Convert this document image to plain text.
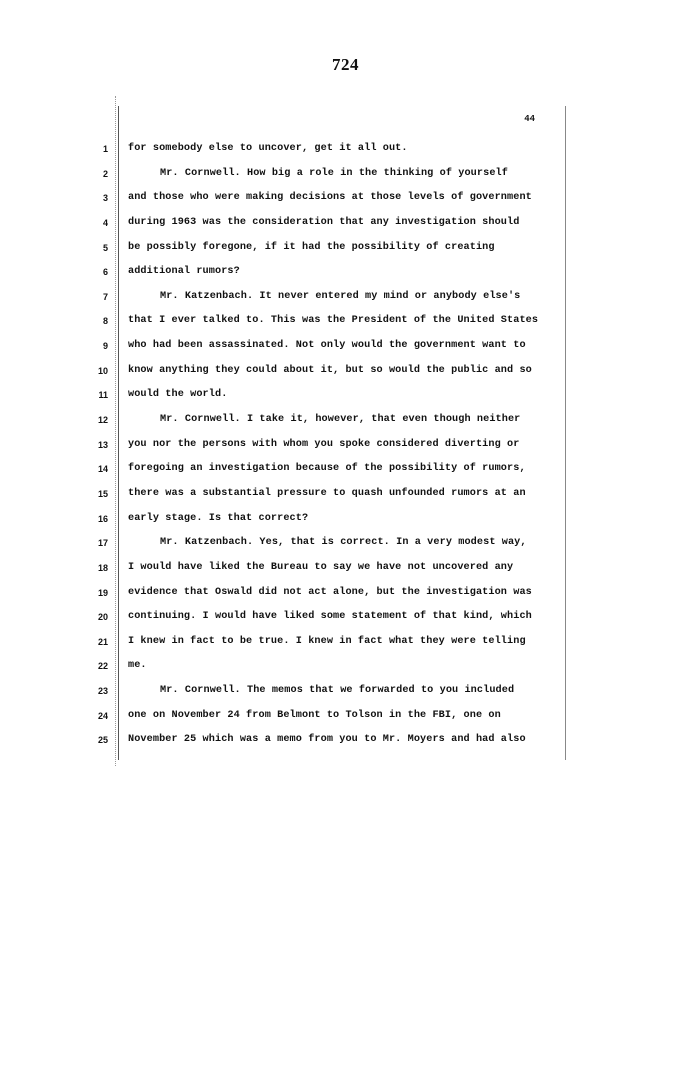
724
44
1
2
3
4
5
6
7
8
9
10
11
12
13
14
15
16
17
18
19
20
21
22
23
24
25
for somebody else to uncover, get it all out.
Mr. Cornwell. How big a role in the thinking of yourself
and those who were making decisions at those levels of government
during 1963 was the consideration that any investigation should
be possibly foregone, if it had the possibility of creating
additional rumors?
Mr. Katzenbach. It never entered my mind or anybody else's
that I ever talked to. This was the President of the United States
who had been assassinated. Not only would the government want to
know anything they could about it, but so would the public and so
would the world.
Mr. Cornwell. I take it, however, that even though neither
you nor the persons with whom you spoke considered diverting or
foregoing an investigation because of the possibility of rumors,
there was a substantial pressure to quash unfounded rumors at an
early stage. Is that correct?
Mr. Katzenbach. Yes, that is correct. In a very modest way,
I would have liked the Bureau to say we have not uncovered any
evidence that Oswald did not act alone, but the investigation was
continuing. I would have liked some statement of that kind, which
I knew in fact to be true. I knew in fact what they were telling
me.
Mr. Cornwell. The memos that we forwarded to you included
one on November 24 from Belmont to Tolson in the FBI, one on
November 25 which was a memo from you to Mr. Moyers and had also
